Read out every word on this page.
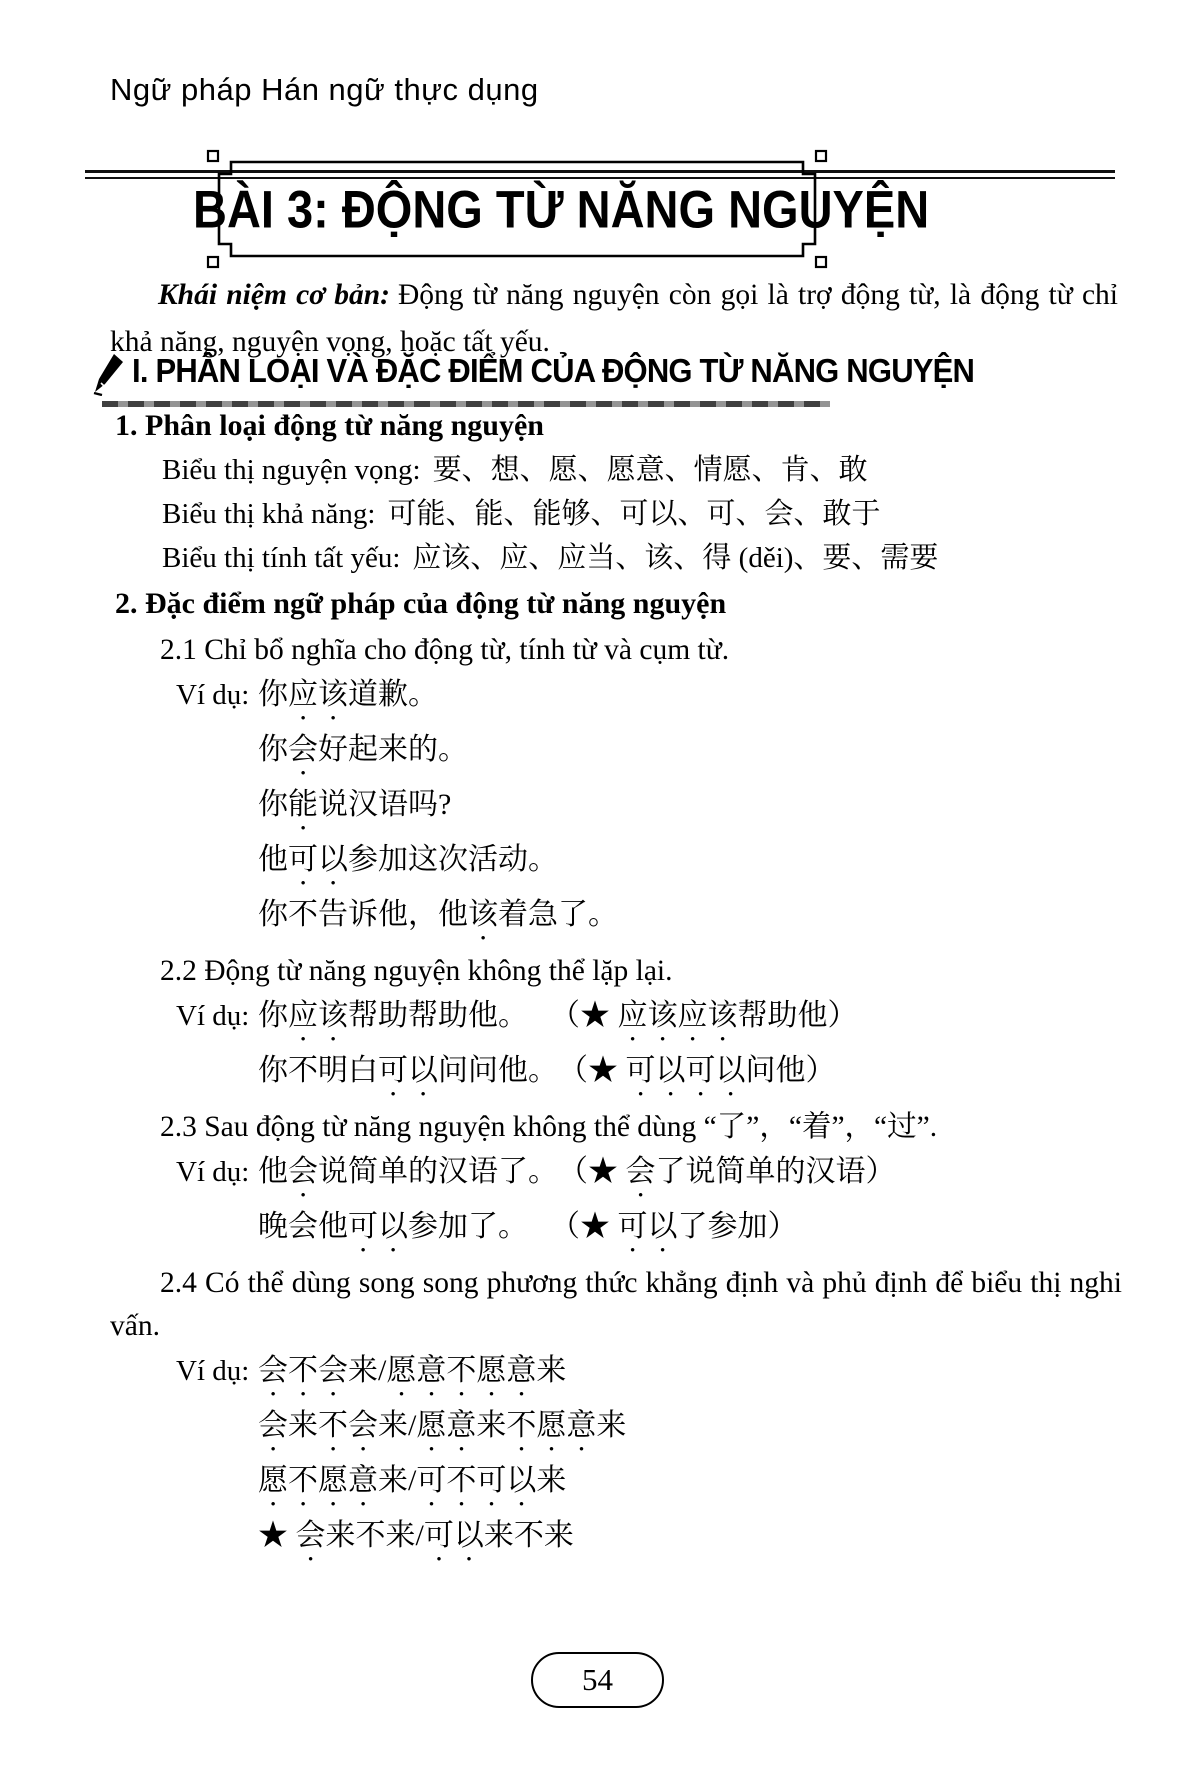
Ngữ pháp Hán ngữ thực dụng
BÀI 3: ĐỘNG TỪ NĂNG NGUYỆN

Khái niệm cơ bản: Động từ năng nguyện còn gọi là trợ động từ, là động từ chỉ khả năng, nguyện vọng, hoặc tất yếu.

I. PHÂN LOẠI VÀ ĐẶC ĐIỂM CỦA ĐỘNG TỪ NĂNG NGUYỆN
1. Phân loại động từ năng nguyện
Biểu thị nguyện vọng: 要、想、愿、愿意、情愿、肯、敢
Biểu thị khả năng: 可能、能、能够、可以、可、会、敢于
Biểu thị tính tất yếu: 应该、应、应当、该、得 (děi)、要、需要
2. Đặc điểm ngữ pháp của động từ năng nguyện
2.1 Chỉ bổ nghĩa cho động từ, tính từ và cụm từ.
Ví dụ: 你应该道歉。
你会好起来的。
你能说汉语吗?
他可以参加这次活动。
你不告诉他，他该着急了。
2.2 Động từ năng nguyện không thể lặp lại.
Ví dụ: 你应该帮助帮助他。 （★ 应该应该帮助他）
你不明白可以问问他。（★ 可以可以问他）
2.3 Sau động từ năng nguyện không thể dùng “了”，“着”，“过”.
Ví dụ: 他会说简单的汉语了。（★ 会了说简单的汉语）
晚会他可以参加了。 （★ 可以了参加）
2.4 Có thể dùng song song phương thức khẳng định và phủ định để biểu thị nghi vấn.
Ví dụ: 会不会来/愿意不愿意来
会来不会来/愿意来不愿意来
愿不愿意来/可不可以来
★ 会来不来/可以来不来
54
